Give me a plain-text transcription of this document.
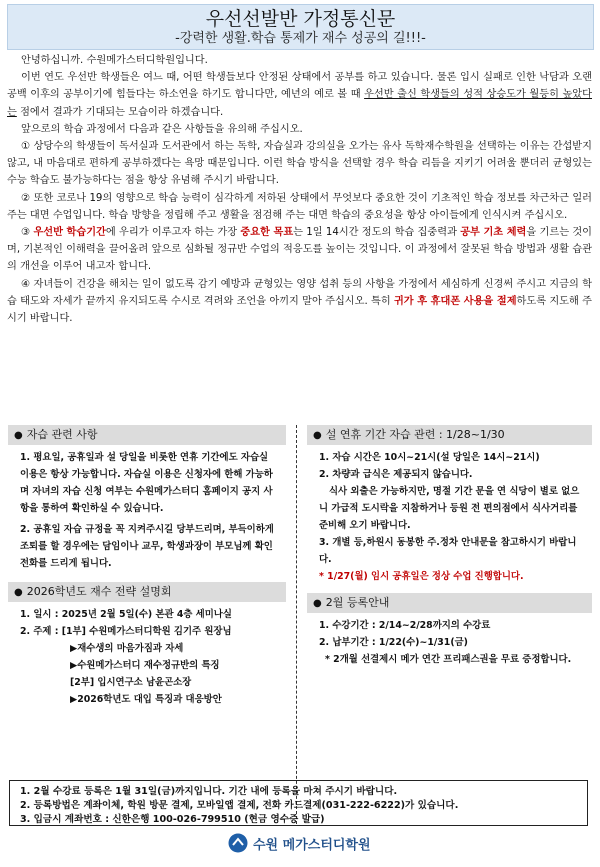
우선선발반 가정통신문
-강력한 생활.학습 통제가 재수 성공의 길!!!-

안녕하십니까. 수원메가스터디학원입니다.

이번 연도 우선반 학생들은 여느 때, 어떤 학생들보다 안정된 상태에서 공부를 하고 있습니다. 물론 입시 실패로 인한 낙담과 오랜 공백 이후의 공부이기에 힘들다는 하소연을 하기도 합니다만, 예년의 예로 볼 때 우선반 출신 학생들의 성적 상승도가 월등히 높았다는 점에서 결과가 기대되는 모습이라 하겠습니다.

앞으로의 학습 과정에서 다음과 같은 사항들을 유의해 주십시오.

① 상당수의 학생들이 독서실과 도서관에서 하는 독학, 자습실과 강의실을 오가는 유사 독학재수학원을 선택하는 이유는 간섭받지 않고, 내 마음대로 편하게 공부하겠다는 욕망 때문입니다. 이런 학습 방식을 선택할 경우 학습 리듬을 지키기 어려울 뿐더러 균형있는 수능 학습도 불가능하다는 점을 항상 유념해 주시기 바랍니다.

② 또한 코로나 19의 영향으로 학습 능력이 심각하게 저하된 상태에서 무엇보다 중요한 것이 기초적인 학습 정보를 차근차근 일러 주는 대면 수업입니다. 학습 방향을 정립해 주고 생활을 점검해 주는 대면 학습의 중요성을 항상 아이들에게 인식시켜 주십시오.

③ 우선반 학습기간에 우리가 이루고자 하는 가장 중요한 목표는 1일 14시간 정도의 학습 집중력과 공부 기초 체력을 기르는 것이며, 기본적인 이해력을 끌어올려 앞으로 심화될 정규반 수업의 적응도를 높이는 것입니다. 이 과정에서 잘못된 학습 방법과 생활 습관의 개선을 이루어 내고자 합니다.

④ 자녀들이 건강을 해치는 일이 없도록 감기 예방과 균형있는 영양 섭취 등의 사항을 가정에서 세심하게 신경써 주시고 지금의 학습 태도와 자세가 끝까지 유지되도록 수시로 격려와 조언을 아끼지 말아 주십시오. 특히 귀가 후 휴대폰 사용을 절제하도록 지도해 주시기 바랍니다.

● 자습 관련 사항

1. 평요일, 공휴일과 설 당일을 비롯한 연휴 기간에도 자습실 이용은 항상 가능합니다. 자습실 이용은 신청자에 한해 가능하며 자녀의 자습 신청 여부는 수원메가스터디 홈페이지 공지 사항을 통하여 확인하실 수 있습니다.

2. 공휴일 자습 규정을 꼭 지켜주시길 당부드리며, 부득이하게 조퇴를 할 경우에는 담임이나 교무, 학생과장이 부모님께 확인 전화를 드리게 됩니다.

● 2026학년도 재수 전략 설명회

1. 일시 : 2025년 2월 5일(수) 본관 4층 세미나실

2. 주제 : [1부] 수원메가스터디학원 김기주 원장님

▶재수생의 마음가짐과 자세

▶수원메가스터디 재수정규반의 특징

[2부] 입시연구소 남윤곤소장

▶2026학년도 대입 특징과 대응방안

● 설 연휴 기간 자습 관련 : 1/28~1/30

1. 자습 시간은 10시~21시(설 당일은 14시~21시)

2. 차량과 급식은 제공되지 않습니다.

식사 외출은 가능하지만, 명절 기간 문을 연 식당이 별로 없으니 가급적 도시락을 지참하거나 등원 전 편의점에서 식사거리를 준비해 오기 바랍니다.

3. 개별 등,하원시 동봉한 주.정차 안내문을 참고하시기 바랍니다.

* 1/27(월) 임시 공휴일은 정상 수업 진행합니다.

● 2월 등록안내

1. 수강기간 : 2/14~2/28까지의 수강료

2. 납부기간 : 1/22(수)~1/31(금)

* 2개월 선결제시 메가 연간 프리패스권을 무료 증정합니다.

1. 2월 수강료 등록은 1월 31일(금)까지입니다. 기간 내에 등록을 마쳐 주시기 바랍니다.
2. 등록방법은 계좌이체, 학원 방문 결제, 모바일앱 결제, 전화 카드결제(031-222-6222)가 있습니다.
3. 입금시 계좌번호 : 신한은행 100-026-799510 (현금 영수증 발급)
수원 메가스터디학원
